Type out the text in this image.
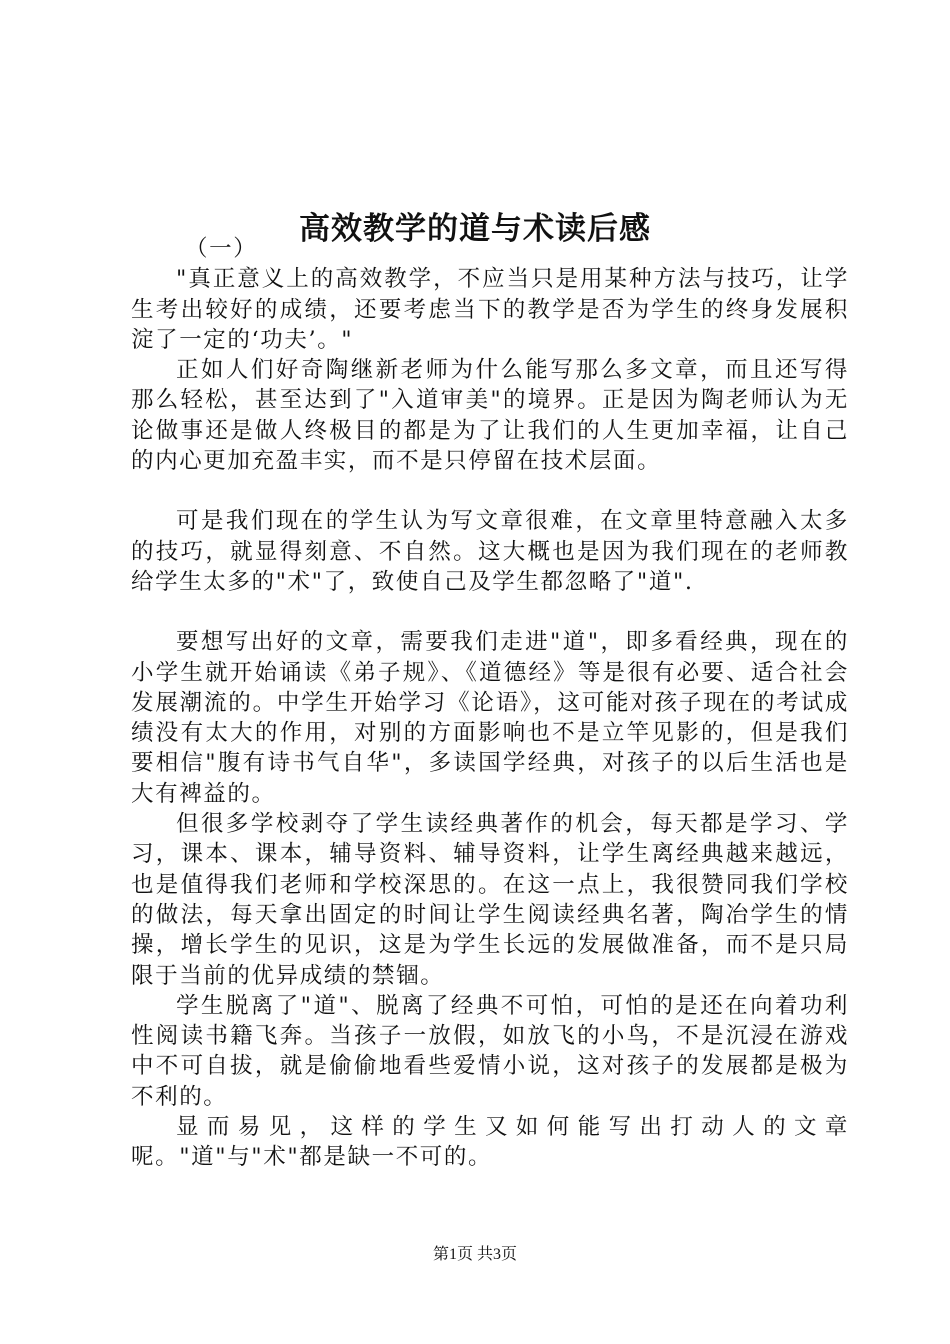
高效教学的道与术读后感

（一）

"真正意义上的高效教学，不应当只是用某种方法与技巧，让学生考出较好的成绩，还要考虑当下的教学是否为学生的终身发展积淀了一定的‘功夫’。"

正如人们好奇陶继新老师为什么能写那么多文章，而且还写得那么轻松，甚至达到了"入道审美"的境界。正是因为陶老师认为无论做事还是做人终极目的都是为了让我们的人生更加幸福，让自己的内心更加充盈丰实，而不是只停留在技术层面。

可是我们现在的学生认为写文章很难，在文章里特意融入太多的技巧，就显得刻意、不自然。这大概也是因为我们现在的老师教给学生太多的"术"了，致使自己及学生都忽略了"道".

要想写出好的文章，需要我们走进"道"，即多看经典，现在的小学生就开始诵读《弟子规》、《道德经》等是很有必要、适合社会发展潮流的。中学生开始学习《论语》，这可能对孩子现在的考试成绩没有太大的作用，对别的方面影响也不是立竿见影的，但是我们要相信"腹有诗书气自华"，多读国学经典，对孩子的以后生活也是大有裨益的。

但很多学校剥夺了学生读经典著作的机会，每天都是学习、学习，课本、课本，辅导资料、辅导资料，让学生离经典越来越远，也是值得我们老师和学校深思的。在这一点上，我很赞同我们学校的做法，每天拿出固定的时间让学生阅读经典名著，陶冶学生的情操，增长学生的见识，这是为学生长远的发展做准备，而不是只局限于当前的优异成绩的禁锢。

学生脱离了"道"、脱离了经典不可怕，可怕的是还在向着功利性阅读书籍飞奔。当孩子一放假，如放飞的小鸟，不是沉浸在游戏中不可自拔，就是偷偷地看些爱情小说，这对孩子的发展都是极为不利的。

显而易见，这样的学生又如何能写出打动人的文章呢。"道"与"术"都是缺一不可的。

第1页 共3页
